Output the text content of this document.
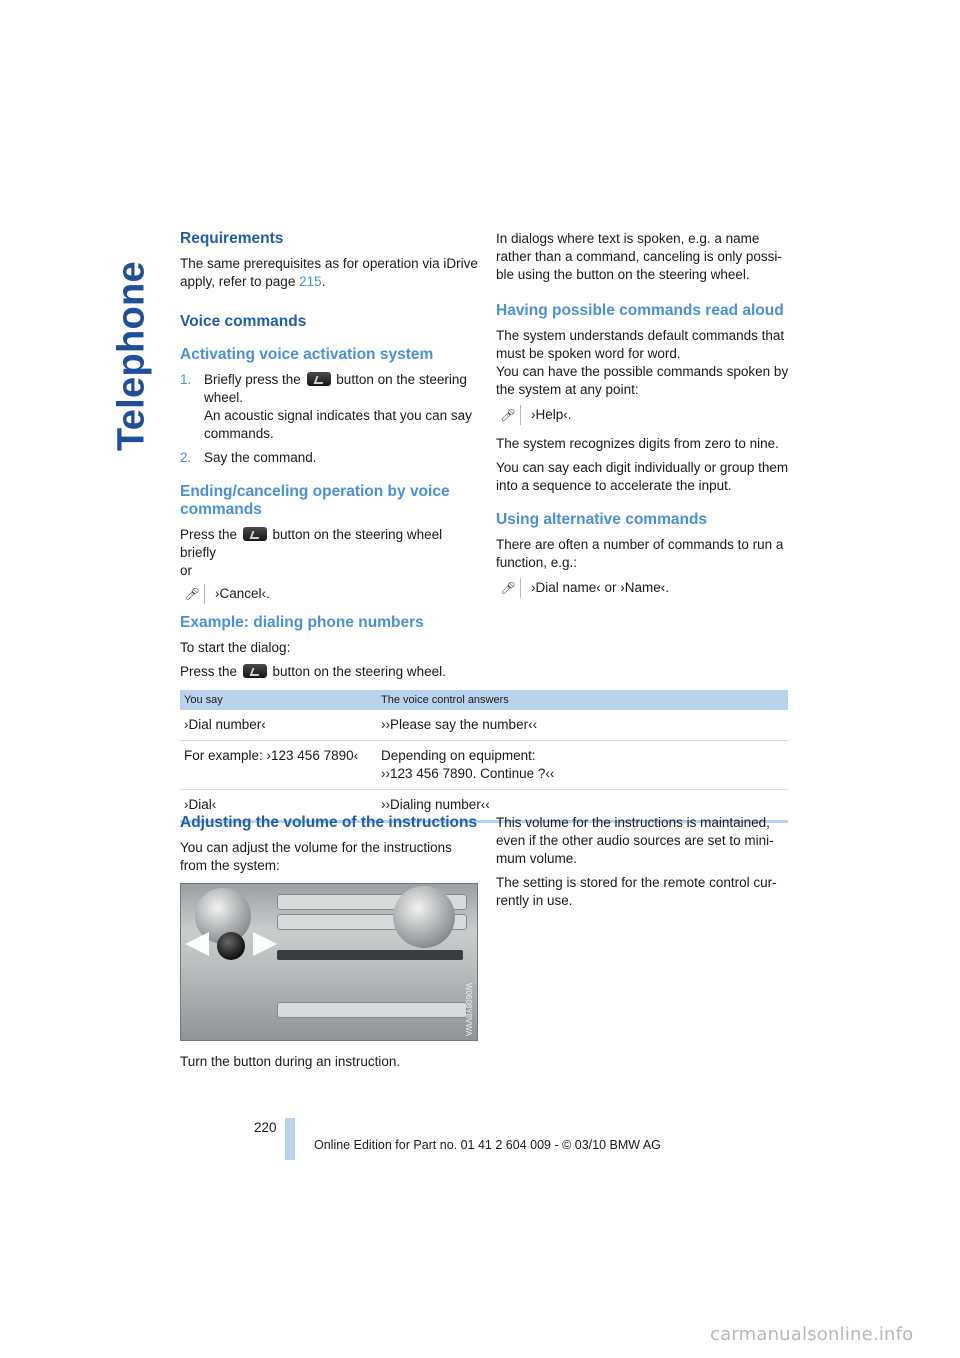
Telephone
Requirements

The same prerequisites as for operation via iDrive apply, refer to page 215.

Voice commands
Activating voice activation system
1. Briefly press the  button on the steering wheel.
An acoustic signal indicates that you can say commands.
2. Say the command.
Ending/canceling operation by voice commands

Press the  button on the steering wheel briefly

or

🎤︎	›Cancel‹.
Example: dialing phone numbers

To start the dialog:

Press the  button on the steering wheel.

In dialogs where text is spoken, e.g. a name rather than a command, canceling is only possi-ble using the button on the steering wheel.

Having possible commands read aloud

The system understands default commands that must be spoken word for word.

You can have the possible commands spoken by the system at any point:

🎤︎	›Help‹.

The system recognizes digits from zero to nine.

You can say each digit individually or group them into a sequence to accelerate the input.

Using alternative commands

There are often a number of commands to run a function, e.g.:

🎤︎	›Dial name‹ or ›Name‹.
You say	The voice control answers
›Dial number‹	››Please say the number‹‹
For example: ›123 456 7890‹	Depending on equipment:
››123 456 7890. Continue ?‹‹
›Dial‹	››Dialing number‹‹
Adjusting the volume of the instructions

You can adjust the volume for the instructions from the system:

W0608Y8VWA

Turn the button during an instruction.

This volume for the instructions is maintained, even if the other audio sources are set to mini-mum volume.

The setting is stored for the remote control cur-rently in use.

220
Online Edition for Part no. 01 41 2 604 009 - © 03/10 BMW AG
carmanualsonline.info
